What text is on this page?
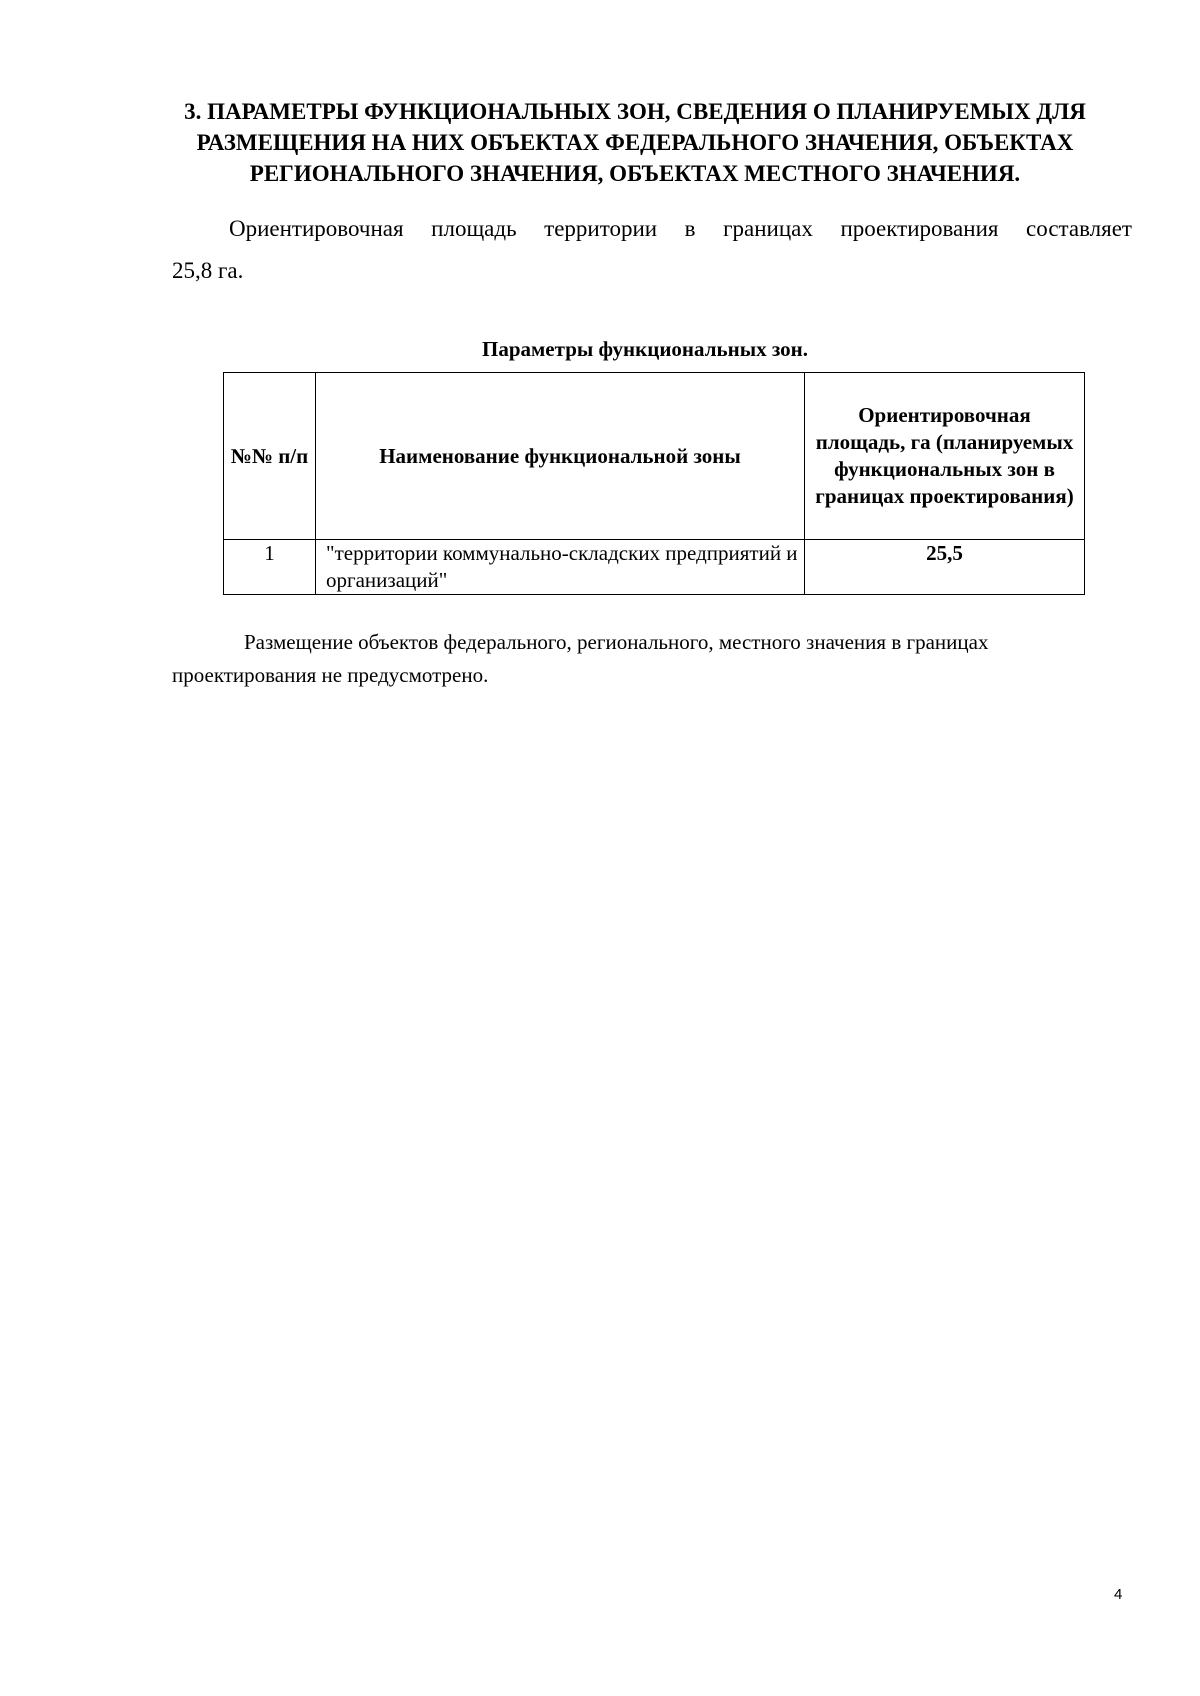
3. ПАРАМЕТРЫ ФУНКЦИОНАЛЬНЫХ ЗОН, СВЕДЕНИЯ О ПЛАНИРУЕМЫХ ДЛЯ
РАЗМЕЩЕНИЯ НА НИХ ОБЪЕКТАХ ФЕДЕРАЛЬНОГО ЗНАЧЕНИЯ, ОБЪЕКТАХ
РЕГИОНАЛЬНОГО ЗНАЧЕНИЯ, ОБЪЕКТАХ МЕСТНОГО ЗНАЧЕНИЯ.
Ориентировочная площадь территории в границах проектирования составляет
25,8 га.
Параметры функциональных зон.
№№ п/п	Наименование функциональной зоны	Ориентировочная площадь, га (планируемых функциональных зон в границах проектирования)
1	"территории коммунально-складских предприятий и организаций"	25,5

Размещение объектов федерального, регионального, местного значения в границах проектирования не предусмотрено.

4
